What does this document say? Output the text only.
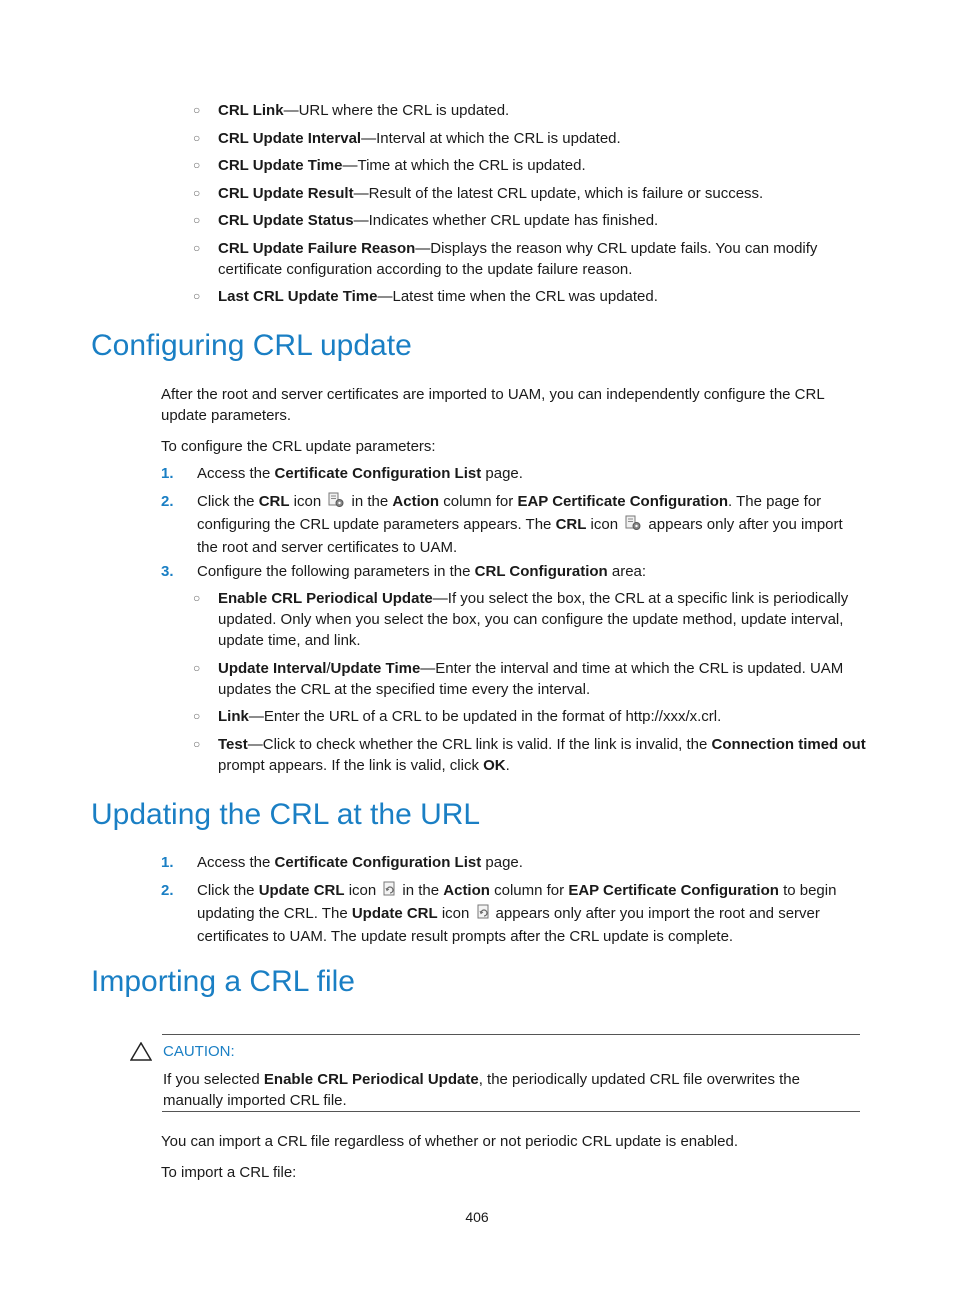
○ CRL Link—URL where the CRL is updated.
○ CRL Update Interval—Interval at which the CRL is updated.
○ CRL Update Time—Time at which the CRL is updated.
○ CRL Update Result—Result of the latest CRL update, which is failure or success.
○ CRL Update Status—Indicates whether CRL update has finished.
○ CRL Update Failure Reason—Displays the reason why CRL update fails. You can modify certificate configuration according to the update failure reason.
○ Last CRL Update Time—Latest time when the CRL was updated.
Configuring CRL update

After the root and server certificates are imported to UAM, you can independently configure the CRL update parameters.

To configure the CRL update parameters:

1. Access the Certificate Configuration List page.
2. Click the CRL icon  in the Action column for EAP Certificate Configuration. The page for configuring the CRL update parameters appears. The CRL icon  appears only after you import the root and server certificates to UAM.
3. Configure the following parameters in the CRL Configuration area:
○ Enable CRL Periodical Update—If you select the box, the CRL at a specific link is periodically updated. Only when you select the box, you can configure the update method, update interval, update time, and link.
○ Update Interval/Update Time—Enter the interval and time at which the CRL is updated. UAM updates the CRL at the specified time every the interval.
○ Link—Enter the URL of a CRL to be updated in the format of http://xxx/x.crl.
○ Test—Click to check whether the CRL link is valid. If the link is invalid, the Connection timed out prompt appears. If the link is valid, click OK.
Updating the CRL at the URL
1. Access the Certificate Configuration List page.
2. Click the Update CRL icon in the Action column for EAP Certificate Configuration to begin updating the CRL. The Update CRL icon appears only after you import the root and server certificates to UAM. The update result prompts after the CRL update is complete.
Importing a CRL file
CAUTION:

If you selected Enable CRL Periodical Update, the periodically updated CRL file overwrites the manually imported CRL file.

You can import a CRL file regardless of whether or not periodic CRL update is enabled.

To import a CRL file:

406
